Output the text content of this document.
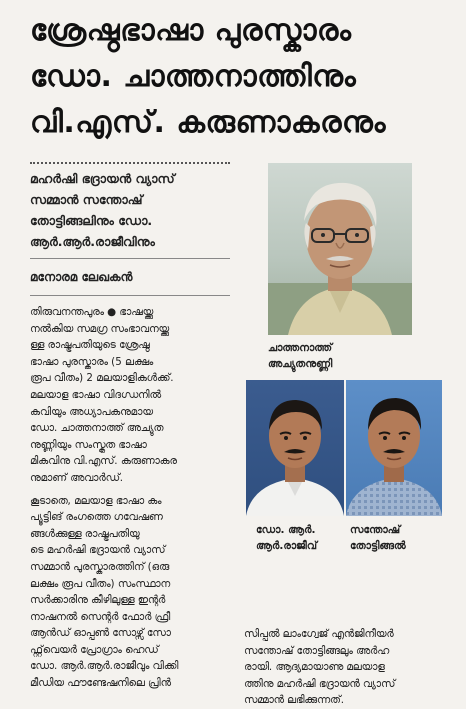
ശ്രേഷ്ഠഭാഷാ പുരസ്കാരം
ഡോ. ചാത്തനാത്തിനും
വി.എസ്. കരുണാകരനും
മഹർഷി ഭദ്രായൻ വ്യാസ്
സമ്മാൻ സന്തോഷ്
തോട്ടിങ്ങലിനും ഡോ.
ആർ.ആർ.രാജീവിനും
മനോരമ ലേഖകൻ
തിരുവനന്തപുരം ● ഭാഷയ്ക്കു
നൽകിയ സമഗ്ര സംഭാവനയ്ക്കു
ള്ള രാഷ്ട്രപതിയുടെ ശ്രേഷ്ഠ
ഭാഷാ പുരസ്കാരം (5 ലക്ഷം
രൂപ വീതം) 2 മലയാളികൾക്ക്.
മലയാള ഭാഷാ വിദഗ്ധനിൽ
കവിയും അധ്യാപകനുമായ
ഡോ. ചാത്തനാത്ത് അച്യുത
നുണ്ണിയും സംസ്കൃത ഭാഷാ
മികവിനു വി.എസ്. കരുണാകര
നുമാണ് അവാർഡ്.
കൂടാതെ, മലയാള ഭാഷാ കം
പ്യൂട്ടിങ് രംഗത്തെ ഗവേഷണ
ങ്ങൾക്കുള്ള രാഷ്ട്രപതിയു
ടെ മഹർഷി ഭദ്രായൻ വ്യാസ്
സമ്മാൻ പുരസ്കാരത്തിന് (ഒരു
ലക്ഷം രൂപ വീതം) സംസ്ഥാന
സർക്കാരിനു കീഴിലുള്ള ഇന്റർ
നാഷനൽ സെന്റർ ഫോർ ഫ്രീ
ആൻഡ് ഓപ്പൺ സോഴ്സ് സോ
ഫ്റ്റ്‌വെയർ പ്രോഗ്രാം ഹെഡ്
ഡോ. ആർ.ആർ.രാജീവും വിക്കി
മീഡിയ ഫൗണ്ടേഷനിലെ പ്രിൻ
ചാത്തനാത്ത്
അച്യുതനുണ്ണി
ഡോ. ആർ.
ആർ.രാജീവ്
സന്തോഷ്
തോട്ടിങ്ങൽ
സിപ്പൽ ലാംഗ്വേജ് എൻജിനീയർ
സന്തോഷ് തോട്ടിങ്ങലും അർഹ
രായി. ആദ്യമായാണു മലയാള
ത്തിനു മഹർഷി ഭദ്രായൻ വ്യാസ്
സമ്മാൻ ലഭിക്കുന്നത്.
